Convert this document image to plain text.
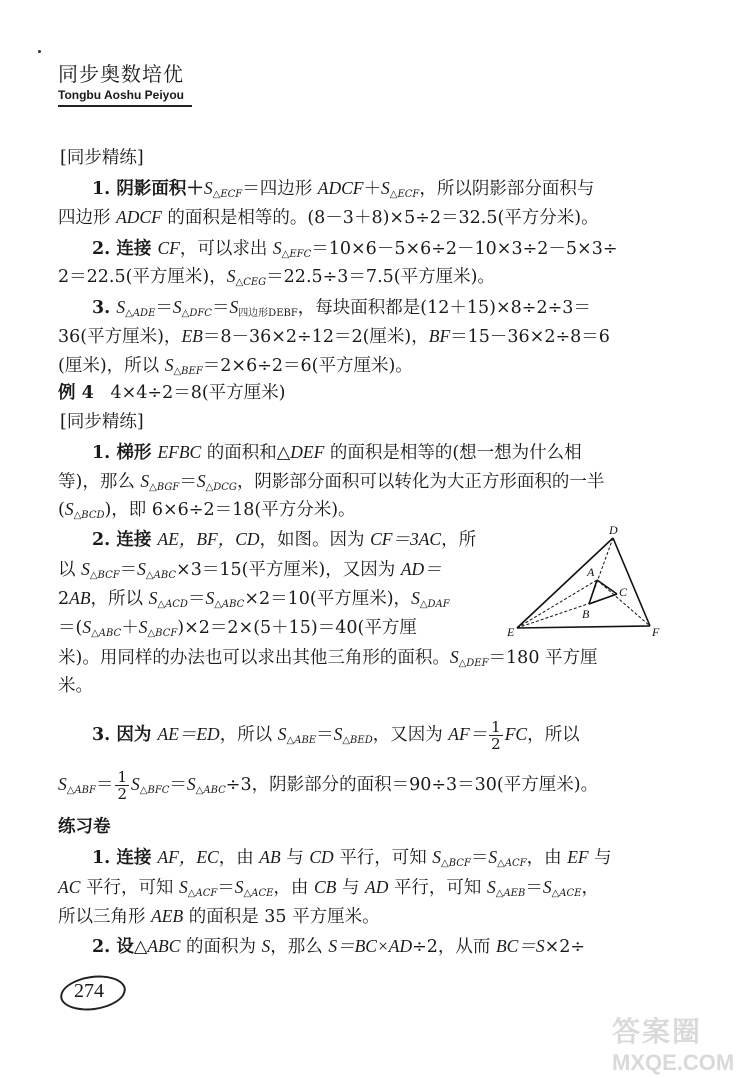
同步奥数培优
Tongbu Aoshu Peiyou
[同步精练]
1. 阴影面积$+S_{\triangle ECF}=$四边形 $ADCF+S_{\triangle ECF}$，所以阴影部分面积与
四边形 ADCF 的面积是相等的。(8－3＋8)×5÷2＝32.5(平方分米)。
2. 连接 CF，可以求出 $S_{\triangle EFC}=10\times 6-5\times 6\div 2-10\times 3\div 2-5\times 3\div$
2＝22.5(平方厘米)，$S_{\triangle CEG}=22.5\div 3=7.5$(平方厘米)。
3. $S_{\triangle ADE}=S_{\triangle DFC}=S_{四边形DEBF}$，每块面积都是(12＋15)×8÷2÷3＝
36(平方厘米)，EB＝8－36×2÷12＝2(厘米)，BF＝15－36×2÷8＝6
(厘米)，所以 $S_{\triangle BEF}=2\times 6\div 2=6$(平方厘米)。
例 4 4×4÷2＝8(平方厘米)
[同步精练]
1. 梯形 EFBC 的面积和△DEF 的面积是相等的(想一想为什么相
等)，那么 $S_{\triangle BGF}=S_{\triangle DCG}$，阴影部分面积可以转化为大正方形面积的一半
$(S_{\triangle BCD})$，即 6×6÷2＝18(平方分米)。
2. 连接 AE，BF，CD，如图。因为 CF＝3AC，所
以 $S_{\triangle BCF}=S_{\triangle ABC}\times 3=15$(平方厘米)，又因为 AD＝
2AB，所以 $S_{\triangle ACD}=S_{\triangle ABC}\times 2=10$(平方厘米)，$S_{\triangle DAF}$
$=(S_{\triangle ABC}+S_{\triangle BCF})\times 2=2\times(5+15)=40$(平方厘
米)。用同样的办法也可以求出其他三角形的面积。$S_{\triangle DEF}=180$ 平方厘
米。
3. 因为 AE＝ED，所以 $S_{\triangle ABE}=S_{\triangle BED}$，又因为 $AF= \frac{1}{2}$ FC，所以
$S_{\triangle ABF}= \frac{1}{2} S_{\triangle BFC}=S_{\triangle ABC}\div 3$，阴影部分的面积＝90÷3＝30(平方厘米)。
练习卷
1. 连接 AF，EC，由 AB 与 CD 平行，可知 $S_{\triangle BCF}=S_{\triangle ACF}$，由 EF 与
AC 平行，可知 $S_{\triangle ACF}=S_{\triangle ACE}$，由 CB 与 AD 平行，可知 $S_{\triangle AEB}=S_{\triangle ACE}$，
所以三角形 AEB 的面积是 35 平方厘米。
2. 设△ABC 的面积为 S，那么 S＝BC×AD÷2，从而 BC＝S×2÷
D
A
C
B
E	F
274
答案圈
MXQE.COM
